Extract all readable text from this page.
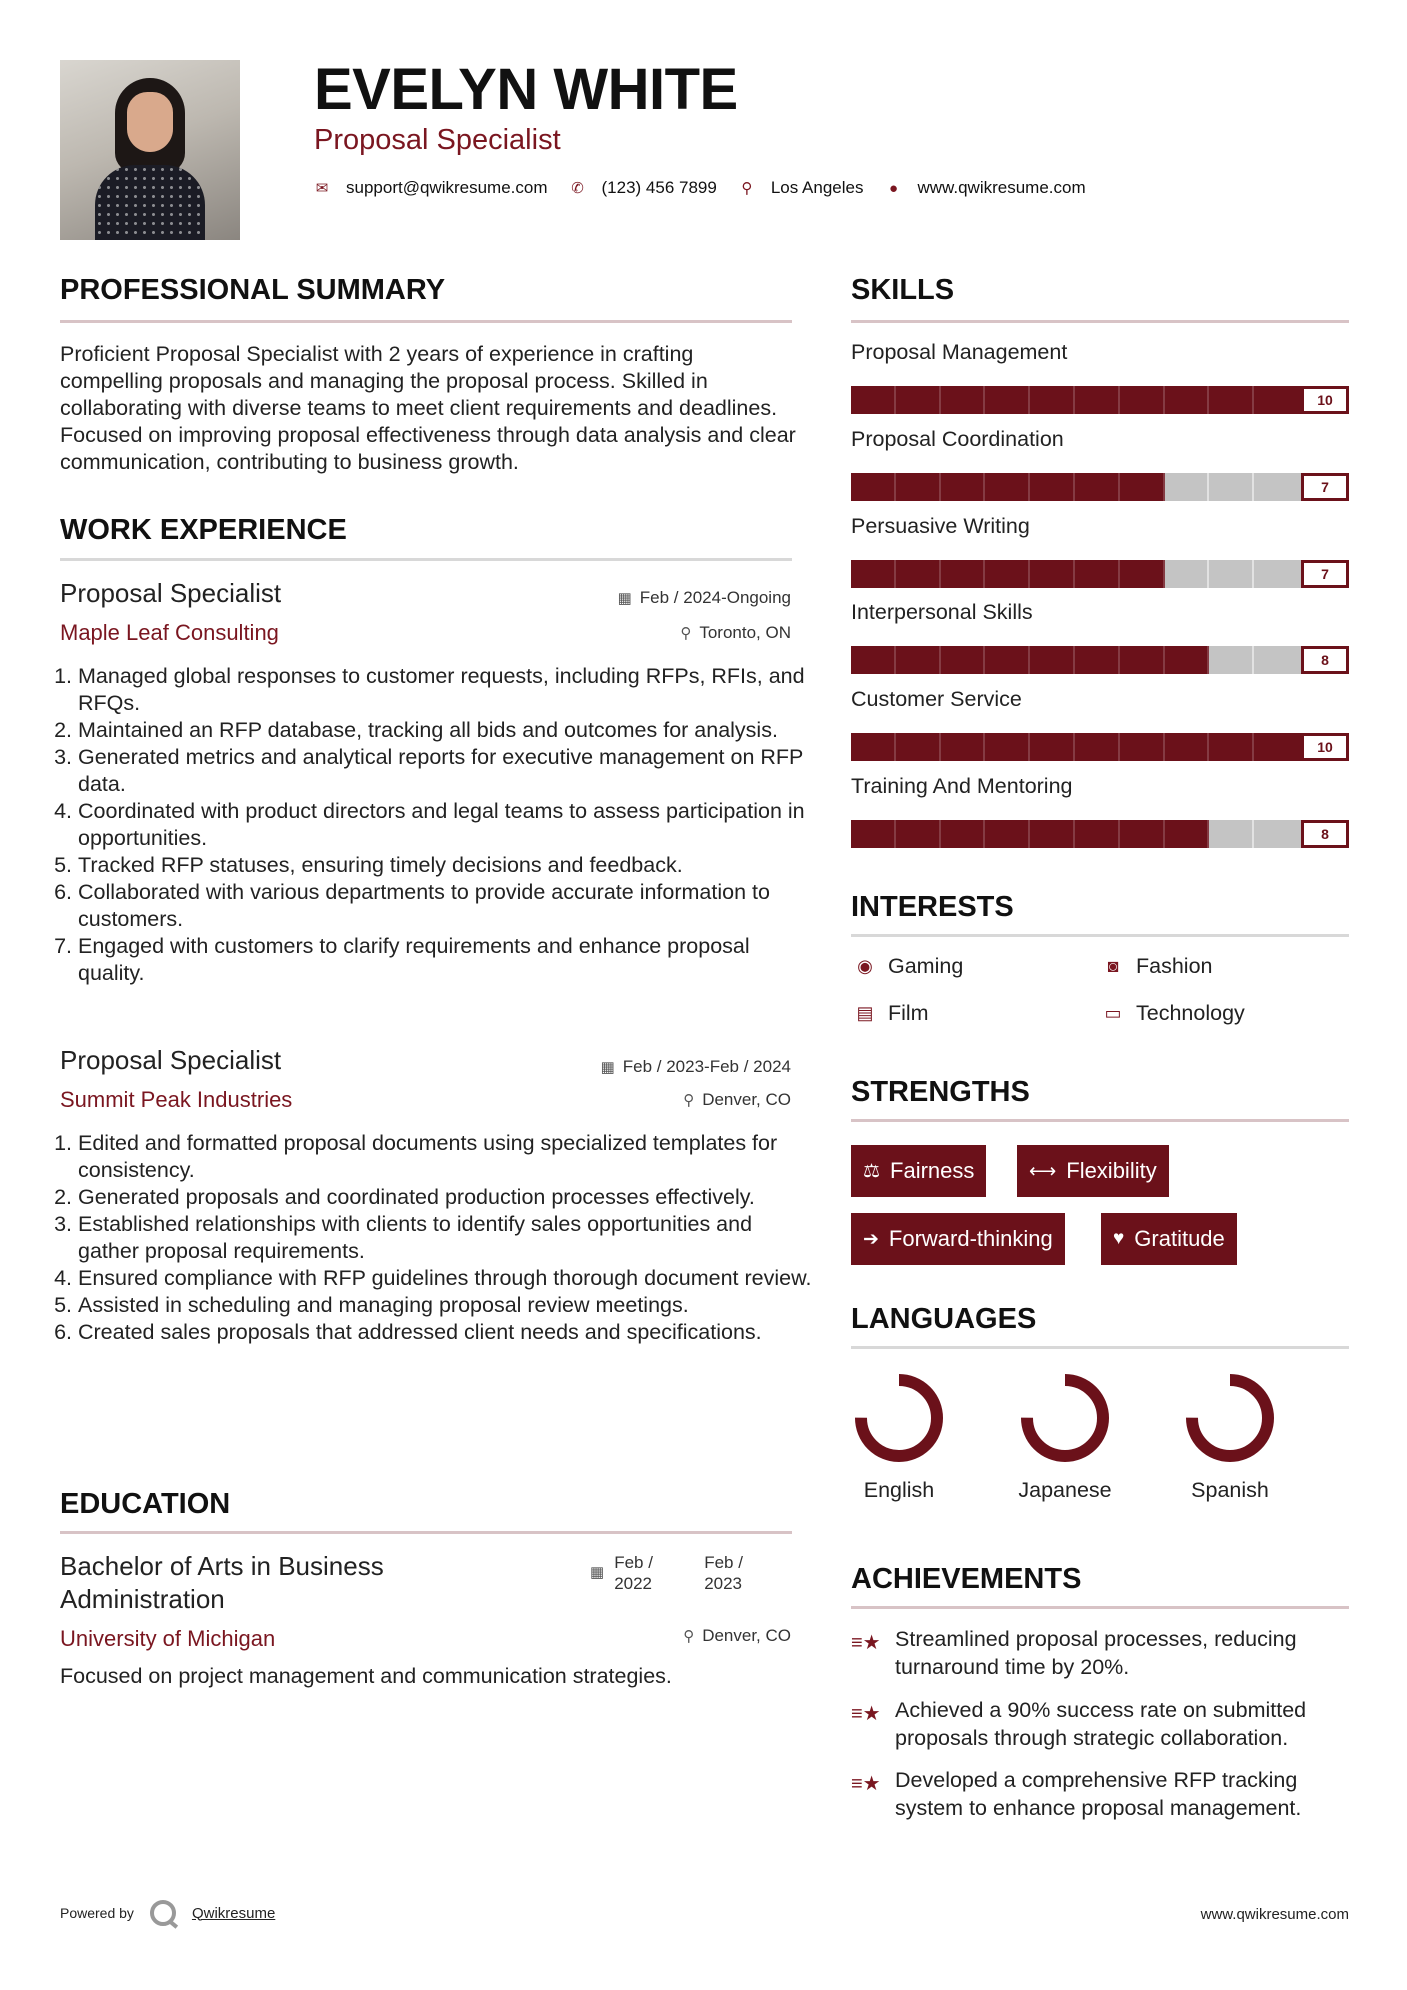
EVELYN WHITE
Proposal Specialist
✉ support@qwikresume.com ✆ (123) 456 7899 ⚲ Los Angeles ● www.qwikresume.com
PROFESSIONAL SUMMARY
Proficient Proposal Specialist with 2 years of experience in crafting compelling proposals and managing the proposal process. Skilled in collaborating with diverse teams to meet client requirements and deadlines. Focused on improving proposal effectiveness through data analysis and clear communication, contributing to business growth.
WORK EXPERIENCE
Proposal Specialist	▦ Feb / 2024-Ongoing
Maple Leaf Consulting	⚲ Toronto, ON
1. Managed global responses to customer requests, including RFPs, RFIs, and RFQs.
2. Maintained an RFP database, tracking all bids and outcomes for analysis.
3. Generated metrics and analytical reports for executive management on RFP data.
4. Coordinated with product directors and legal teams to assess participation in opportunities.
5. Tracked RFP statuses, ensuring timely decisions and feedback.
6. Collaborated with various departments to provide accurate information to customers.
7. Engaged with customers to clarify requirements and enhance proposal quality.
Proposal Specialist	▦ Feb / 2023-Feb / 2024
Summit Peak Industries	⚲ Denver, CO
1. Edited and formatted proposal documents using specialized templates for consistency.
2. Generated proposals and coordinated production processes effectively.
3. Established relationships with clients to identify sales opportunities and gather proposal requirements.
4. Ensured compliance with RFP guidelines through thorough document review.
5. Assisted in scheduling and managing proposal review meetings.
6. Created sales proposals that addressed client needs and specifications.
EDUCATION
Bachelor of Arts in Business Administration
▦
Feb / 2022
Feb / 2023
University of Michigan	⚲ Denver, CO
Focused on project management and communication strategies.
SKILLS
Proposal Management
10
Proposal Coordination
7
Persuasive Writing
7
Interpersonal Skills
8
Customer Service
10
Training And Mentoring
8
INTERESTS
◉ Gaming	◙ Fashion
▤ Film	▭ Technology
STRENGTHS
⚖ Fairness	⟷ Flexibility
➔ Forward-thinking	♥ Gratitude
LANGUAGES
English	Japanese	Spanish
ACHIEVEMENTS
≡★ Streamlined proposal processes, reducing turnaround time by 20%.
≡★ Achieved a 90% success rate on submitted proposals through strategic collaboration.
≡★ Developed a comprehensive RFP tracking system to enhance proposal management.
Powered by	Qwikresume	www.qwikresume.com
